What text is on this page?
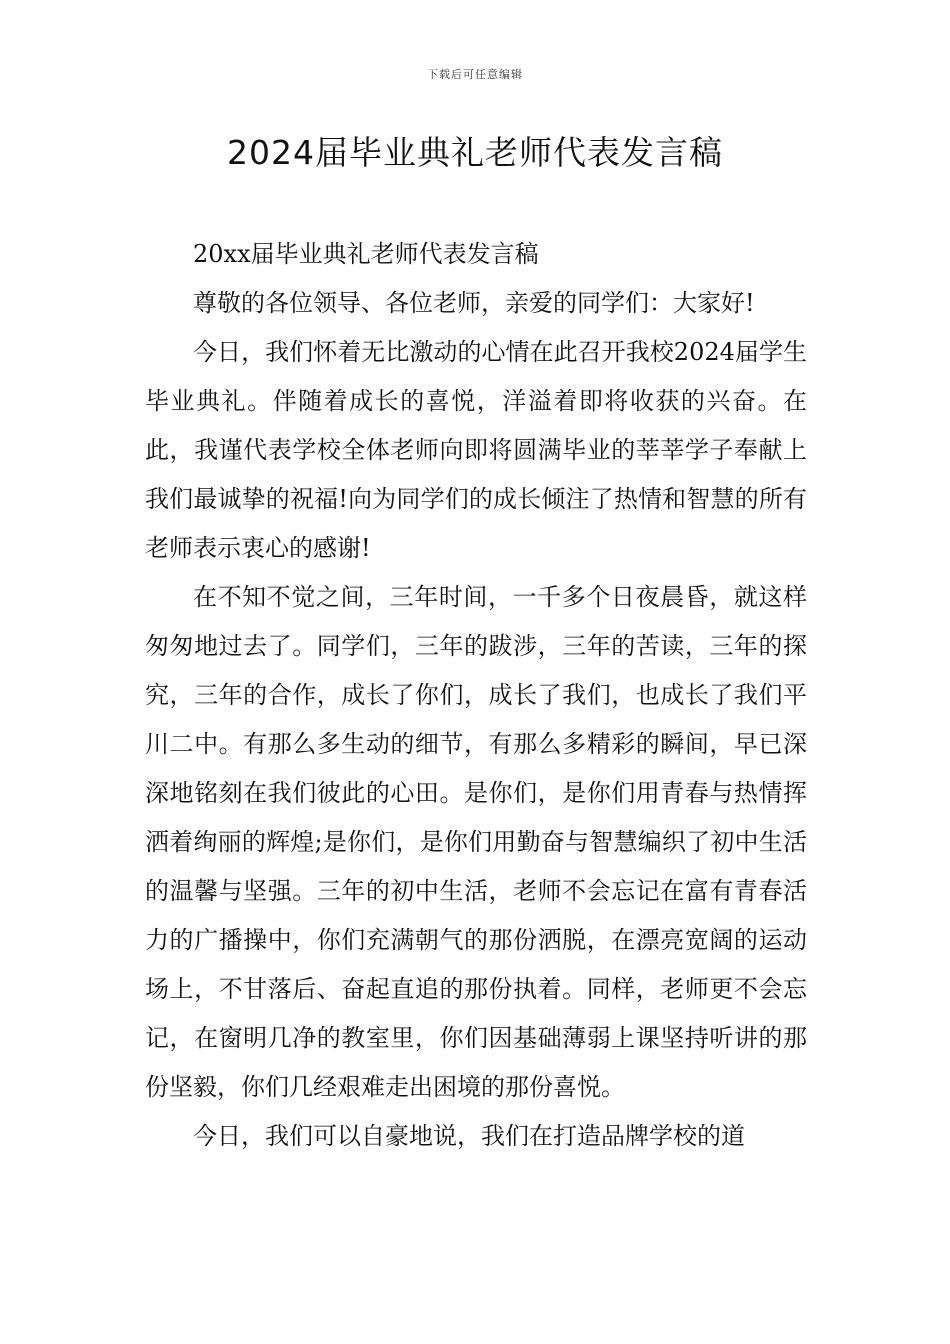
下载后可任意编辑
2024届毕业典礼老师代表发言稿

20xx届毕业典礼老师代表发言稿

尊敬的各位领导、各位老师，亲爱的同学们：大家好!

今日，我们怀着无比激动的心情在此召开我校2024届学生毕业典礼。伴随着成长的喜悦，洋溢着即将收获的兴奋。在此，我谨代表学校全体老师向即将圆满毕业的莘莘学子奉献上我们最诚挚的祝福!向为同学们的成长倾注了热情和智慧的所有老师表示衷心的感谢!

在不知不觉之间，三年时间，一千多个日夜晨昏，就这样匆匆地过去了。同学们，三年的跋涉，三年的苦读，三年的探究，三年的合作，成长了你们，成长了我们，也成长了我们平川二中。有那么多生动的细节，有那么多精彩的瞬间，早已深深地铭刻在我们彼此的心田。是你们，是你们用青春与热情挥洒着绚丽的辉煌;是你们，是你们用勤奋与智慧编织了初中生活的温馨与坚强。三年的初中生活，老师不会忘记在富有青春活力的广播操中，你们充满朝气的那份洒脱，在漂亮宽阔的运动场上，不甘落后、奋起直追的那份执着。同样，老师更不会忘记，在窗明几净的教室里，你们因基础薄弱上课坚持听讲的那份坚毅，你们几经艰难走出困境的那份喜悦。

今日，我们可以自豪地说，我们在打造品牌学校的道
